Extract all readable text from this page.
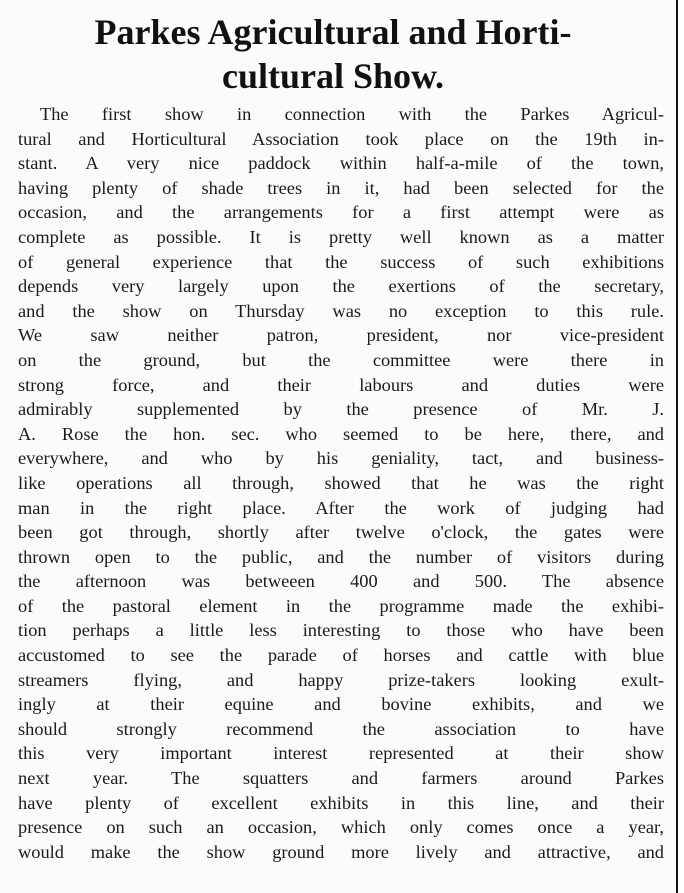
Parkes Agricultural and Horti-
cultural Show.
The first show in connection with the Parkes Agricul-
tural and Horticultural Association took place on the 19th in-
stant. A very nice paddock within half-a-mile of the town,
having plenty of shade trees in it, had been selected for the
occasion, and the arrangements for a first attempt were as
complete as possible. It is pretty well known as a matter
of general experience that the success of such exhibitions
depends very largely upon the exertions of the secretary,
and the show on Thursday was no exception to this rule.
We saw neither patron, president, nor vice-president
on the ground, but the committee were there in
strong force, and their labours and duties were
admirably supplemented by the presence of Mr. J.
A. Rose the hon. sec. who seemed to be here, there, and
everywhere, and who by his geniality, tact, and business-
like operations all through, showed that he was the right
man in the right place. After the work of judging had
been got through, shortly after twelve o'clock, the gates were
thrown open to the public, and the number of visitors during
the afternoon was betweeen 400 and 500. The absence
of the pastoral element in the programme made the exhibi-
tion perhaps a little less interesting to those who have been
accustomed to see the parade of horses and cattle with blue
streamers flying, and happy prize-takers looking exult-
ingly at their equine and bovine exhibits, and we
should strongly recommend the association to have
this very important interest represented at their show
next year. The squatters and farmers around Parkes
have plenty of excellent exhibits in this line, and their
presence on such an occasion, which only comes once a year,
would make the show ground more lively and attractive, and
